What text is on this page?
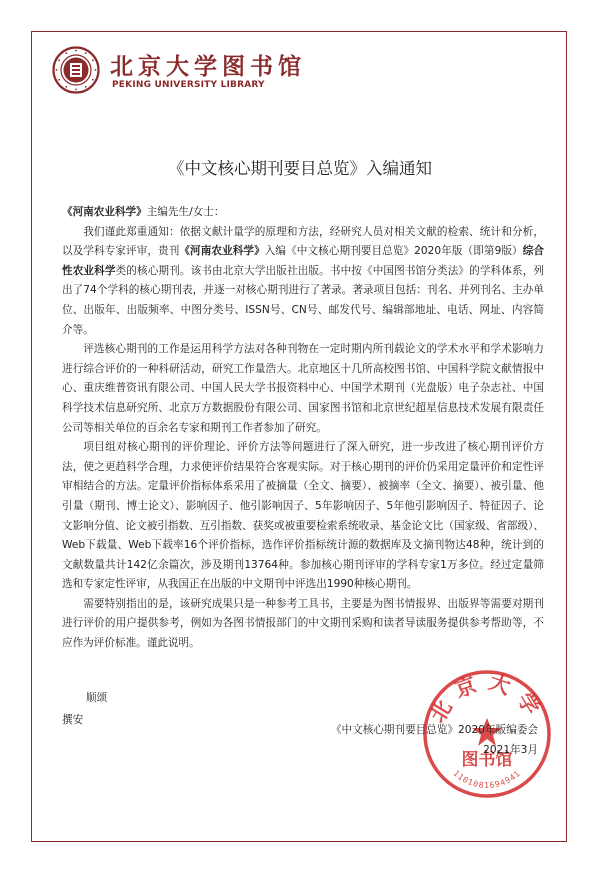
北京大学图书馆
PEKING UNIVERSITY LIBRARY
《中文核心期刊要目总览》入编通知

《河南农业科学》主编先生/女士：

我们谨此郑重通知：依据文献计量学的原理和方法，经研究人员对相关文献的检索、统计和分析，以及学科专家评审，贵刊《河南农业科学》入编《中文核心期刊要目总览》2020年版（即第9版）综合性农业科学类的核心期刊。该书由北京大学出版社出版。书中按《中国图书馆分类法》的学科体系，列出了74个学科的核心期刊表，并逐一对核心期刊进行了著录。著录项目包括：刊名、并列刊名、主办单位、出版年、出版频率、中图分类号、ISSN号、CN号、邮发代号、编辑部地址、电话、网址、内容简介等。

评选核心期刊的工作是运用科学方法对各种刊物在一定时期内所刊载论文的学术水平和学术影响力进行综合评价的一种科研活动，研究工作量浩大。北京地区十几所高校图书馆、中国科学院文献情报中心、重庆维普资讯有限公司、中国人民大学书报资料中心、中国学术期刊（光盘版）电子杂志社、中国科学技术信息研究所、北京万方数据股份有限公司、国家图书馆和北京世纪超星信息技术发展有限责任公司等相关单位的百余名专家和期刊工作者参加了研究。

项目组对核心期刊的评价理论、评价方法等问题进行了深入研究，进一步改进了核心期刊评价方法，使之更趋科学合理，力求使评价结果符合客观实际。对于核心期刊的评价仍采用定量评价和定性评审相结合的方法。定量评价指标体系采用了被摘量（全文、摘要）、被摘率（全文、摘要）、被引量、他引量（期刊、博士论文）、影响因子、他引影响因子、5年影响因子、5年他引影响因子、特征因子、论文影响分值、论文被引指数、互引指数、获奖或被重要检索系统收录、基金论文比（国家级、省部级）、Web下载量、Web下载率16个评价指标，选作评价指标统计源的数据库及文摘刊物达48种，统计到的文献数量共计142亿余篇次，涉及期刊13764种。参加核心期刊评审的学科专家1万多位。经过定量筛选和专家定性评审，从我国正在出版的中文期刊中评选出1990种核心期刊。

需要特别指出的是，该研究成果只是一种参考工具书，主要是为图书情报界、出版界等需要对期刊进行评价的用户提供参考，例如为各图书情报部门的中文期刊采购和读者导读服务提供参考帮助等，不应作为评价标准。谨此说明。

顺颂
撰安	北京大学
图书馆
1101081694941
《中文核心期刊要目总览》2020年版编委会
2021年3月
